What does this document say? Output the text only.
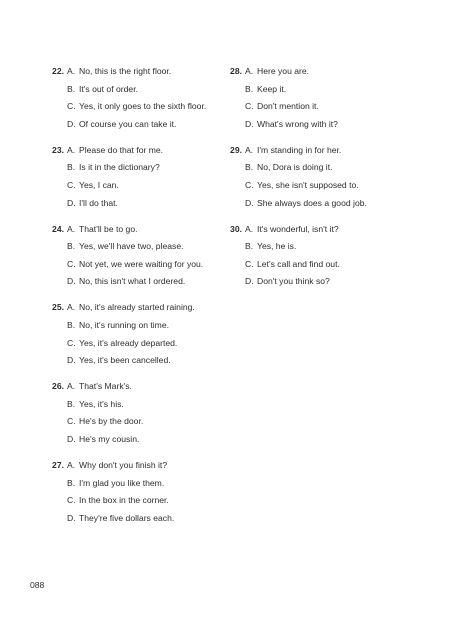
22. A. No, this is the right floor.
B. It's out of order.
C. Yes, it only goes to the sixth floor.
D. Of course you can take it.
23. A. Please do that for me.
B. Is it in the dictionary?
C. Yes, I can.
D. I'll do that.
24. A. That'll be to go.
B. Yes, we'll have two, please.
C. Not yet, we were waiting for you.
D. No, this isn't what I ordered.
25. A. No, it's already started raining.
B. No, it's running on time.
C. Yes, it's already departed.
D. Yes, it's been cancelled.
26. A. That's Mark's.
B. Yes, it's his.
C. He's by the door.
D. He's my cousin.
27. A. Why don't you finish it?
B. I'm glad you like them.
C. In the box in the corner.
D. They're five dollars each.
28. A. Here you are.
B. Keep it.
C. Don't mention it.
D. What's wrong with it?
29. A. I'm standing in for her.
B. No, Dora is doing it.
C. Yes, she isn't supposed to.
D. She always does a good job.
30. A. It's wonderful, isn't it?
B. Yes, he is.
C. Let's call and find out.
D. Don't you think so?
088
